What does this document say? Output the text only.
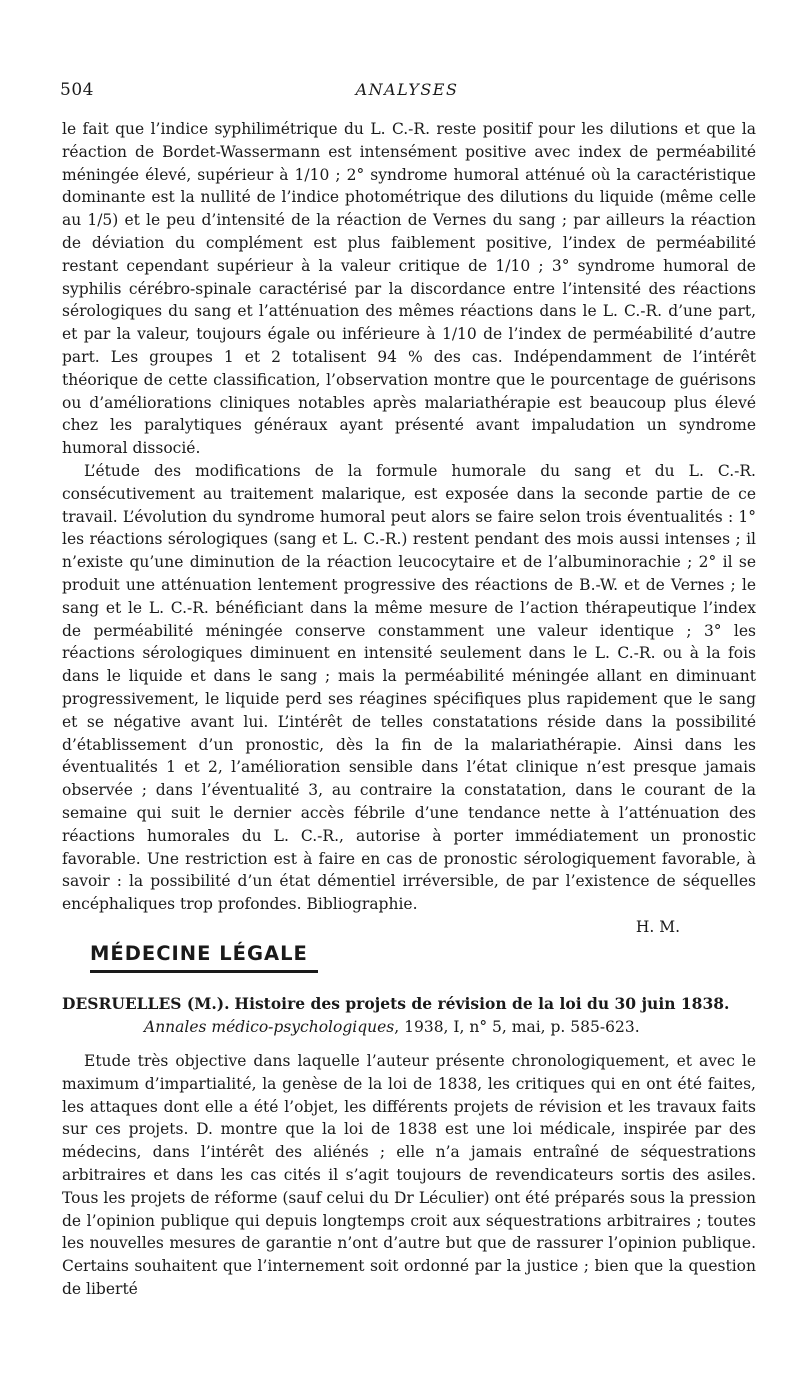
504	ANALYSES

le fait que l’indice syphilimétrique du L. C.-R. reste positif pour les dilutions et que la réaction de Bordet-Wassermann est intensément positive avec index de perméabilité méningée élevé, supérieur à 1/10 ; 2° syndrome humoral atténué où la caractéristique dominante est la nullité de l’indice photométrique des dilutions du liquide (même celle au 1/5) et le peu d’intensité de la réaction de Vernes du sang ; par ailleurs la réaction de déviation du complément est plus faiblement positive, l’index de perméabilité restant cependant supérieur à la valeur critique de 1/10 ; 3° syndrome humoral de syphilis cérébro-spinale caractérisé par la discordance entre l’intensité des réactions sérologiques du sang et l’atténuation des mêmes réactions dans le L. C.-R. d’une part, et par la valeur, toujours égale ou inférieure à 1/10 de l’index de perméabilité d’autre part. Les groupes 1 et 2 totalisent 94 % des cas. Indépendamment de l’intérêt théorique de cette classification, l’observation montre que le pourcentage de guérisons ou d’améliorations cliniques notables après malariathérapie est beaucoup plus élevé chez les paralytiques généraux ayant présenté avant impaludation un syndrome humoral dissocié.

L’étude des modifications de la formule humorale du sang et du L. C.-R. consécutivement au traitement malarique, est exposée dans la seconde partie de ce travail. L’évolution du syndrome humoral peut alors se faire selon trois éventualités : 1° les réactions sérologiques (sang et L. C.-R.) restent pendant des mois aussi intenses ; il n’existe qu’une diminution de la réaction leucocytaire et de l’albuminorachie ; 2° il se produit une atténuation lentement progressive des réactions de B.-W. et de Vernes ; le sang et le L. C.-R. bénéficiant dans la même mesure de l’action thérapeutique l’index de perméabilité méningée conserve constamment une valeur identique ; 3° les réactions sérologiques diminuent en intensité seulement dans le L. C.-R. ou à la fois dans le liquide et dans le sang ; mais la perméabilité méningée allant en diminuant progressivement, le liquide perd ses réagines spécifiques plus rapidement que le sang et se négative avant lui. L’intérêt de telles constatations réside dans la possibilité d’établissement d’un pronostic, dès la fin de la malariathérapie. Ainsi dans les éventualités 1 et 2, l’amélioration sensible dans l’état clinique n’est presque jamais observée ; dans l’éventualité 3, au contraire la constatation, dans le courant de la semaine qui suit le dernier accès fébrile d’une tendance nette à l’atténuation des réactions humorales du L. C.-R., autorise à porter immédiatement un pronostic favorable. Une restriction est à faire en cas de pronostic sérologiquement favorable, à savoir : la possibilité d’un état démentiel irréversible, de par l’existence de séquelles encéphaliques trop profondes. Bibliographie.

H. M.
MÉDECINE LÉGALE
DESRUELLES (M.). Histoire des projets de révision de la loi du 30 juin 1838.
Annales médico-psychologiques, 1938, I, n° 5, mai, p. 585-623.

Etude très objective dans laquelle l’auteur présente chronologiquement, et avec le maximum d’impartialité, la genèse de la loi de 1838, les critiques qui en ont été faites, les attaques dont elle a été l’objet, les différents projets de révision et les travaux faits sur ces projets. D. montre que la loi de 1838 est une loi médicale, inspirée par des médecins, dans l’intérêt des aliénés ; elle n’a jamais entraîné de séquestrations arbitraires et dans les cas cités il s’agit toujours de revendicateurs sortis des asiles. Tous les projets de réforme (sauf celui du Dr Léculier) ont été préparés sous la pression de l’opinion publique qui depuis longtemps croit aux séquestrations arbitraires ; toutes les nouvelles mesures de garantie n’ont d’autre but que de rassurer l’opinion publique. Certains souhaitent que l’internement soit ordonné par la justice ; bien que la question de liberté
